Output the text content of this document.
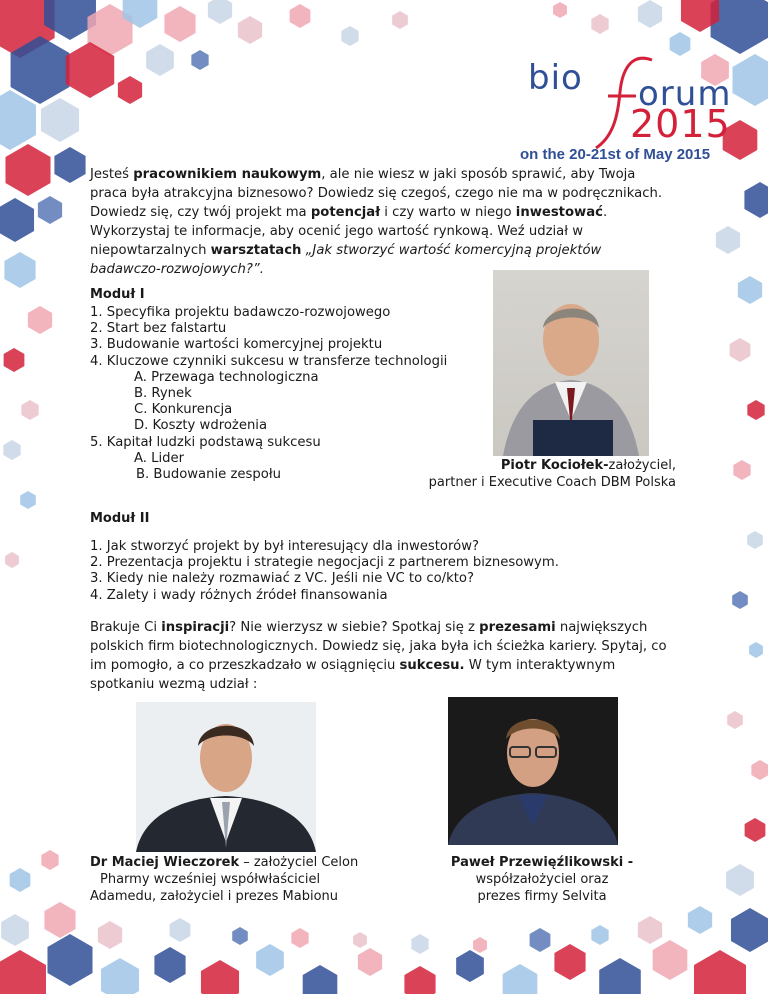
bio orum
2015
on the 20-21st of May 2015

Jesteś pracownikiem naukowym, ale nie wiesz w jaki sposób sprawić, aby Twoja praca była atrakcyjna biznesowo? Dowiedz się czegoś, czego nie ma w podręcznikach. Dowiedz się, czy twój projekt ma potencjał i czy warto w niego inwestować. Wykorzystaj te informacje, aby ocenić jego wartość rynkową. Weź udział w niepowtarzalnych warsztatach „Jak stworzyć wartość komercyjną projektów badawczo-rozwojowych?”.

Moduł I
1. Specyfika projektu badawczo-rozwojowego
2. Start bez falstartu
3. Budowanie wartości komercyjnej projektu
4. Kluczowe czynniki sukcesu w transferze technologii
A. Przewaga technologiczna
B. Rynek
C. Konkurencja
D. Koszty wdrożenia
5. Kapitał ludzki podstawą sukcesu
A. Lider
B. Budowanie zespołu
Piotr Kociołek-założyciel,
partner i Executive Coach DBM Polska
Moduł II
1. Jak stworzyć projekt by był interesujący dla inwestorów?
2. Prezentacja projektu i strategie negocjacji z partnerem biznesowym.
3. Kiedy nie należy rozmawiać z VC. Jeśli nie VC to co/kto?
4. Zalety i wady różnych źródeł finansowania

Brakuje Ci inspiracji? Nie wierzysz w siebie? Spotkaj się z prezesami największych polskich firm biotechnologicznych. Dowiedz się, jaka była ich ścieżka kariery. Spytaj, co im pomogło, a co przeszkadzało w osiągnięciu sukcesu. W tym interaktywnym spotkaniu wezmą udział :

Dr Maciej Wieczorek – założyciel Celon
Pharmy wcześniej współwłaściciel
Adamedu, założyciel i prezes Mabionu
Paweł Przewięźlikowski -
współzałożyciel oraz
prezes firmy Selvita
